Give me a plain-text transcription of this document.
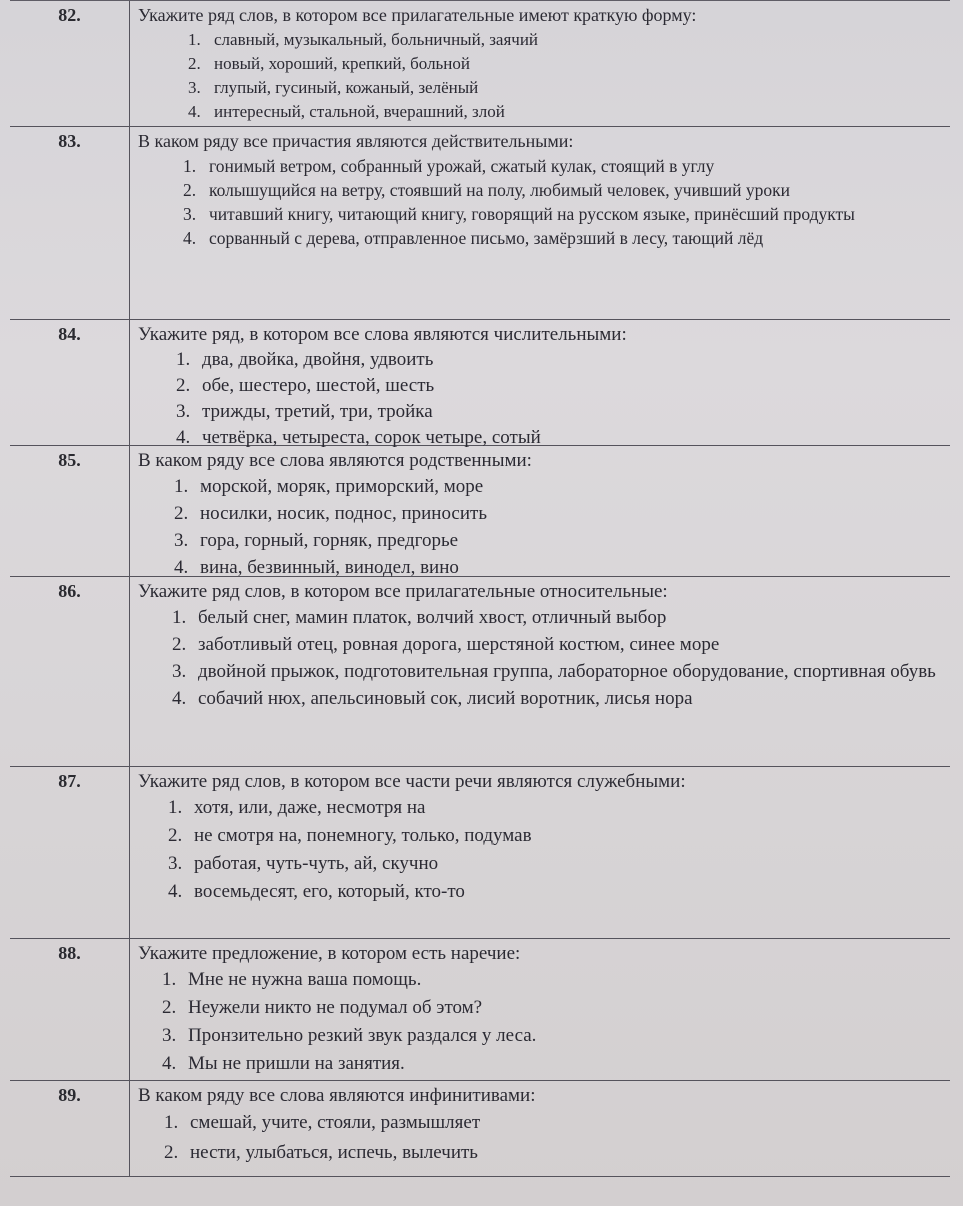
82.	Укажите ряд слов, в котором все прилагательные имеют краткую форму:

1. славный, музыкальный, больничный, заячий
2. новый, хороший, крепкий, больной
3. глупый, гусиный, кожаный, зелёный
4. интересный, стальной, вчерашний, злой
83.	В каком ряду все причастия являются действительными:

1. гонимый ветром, собранный урожай, сжатый кулак, стоящий в углу
2. колышущийся на ветру, стоявший на полу, любимый человек, учивший уроки
3. читавший книгу, читающий книгу, говорящий на русском языке, принёсший продукты
4. сорванный с дерева, отправленное письмо, замёрзший в лесу, тающий лёд
84.	Укажите ряд, в котором все слова являются числительными:

1. два, двойка, двойня, удвоить
2. обе, шестеро, шестой, шесть
3. трижды, третий, три, тройка
4. четвёрка, четыреста, сорок четыре, сотый
85.	В каком ряду все слова являются родственными:

1. морской, моряк, приморский, море
2. носилки, носик, поднос, приносить
3. гора, горный, горняк, предгорье
4. вина, безвинный, винодел, вино
86.	Укажите ряд слов, в котором все прилагательные относительные:

1. белый снег, мамин платок, волчий хвост, отличный выбор
2. заботливый отец, ровная дорога, шерстяной костюм, синее море
3. двойной прыжок, подготовительная группа, лабораторное оборудование, спортивная обувь
4. собачий нюх, апельсиновый сок, лисий воротник, лисья нора
87.	Укажите ряд слов, в котором все части речи являются служебными:

1. хотя, или, даже, несмотря на
2. не смотря на, понемногу, только, подумав
3. работая, чуть-чуть, ай, скучно
4. восемьдесят, его, который, кто-то
88.	Укажите предложение, в котором есть наречие:

1. Мне не нужна ваша помощь.
2. Неужели никто не подумал об этом?
3. Пронзительно резкий звук раздался у леса.
4. Мы не пришли на занятия.
89.	В каком ряду все слова являются инфинитивами:

1. смешай, учите, стояли, размышляет
2. нести, улыбаться, испечь, вылечить
